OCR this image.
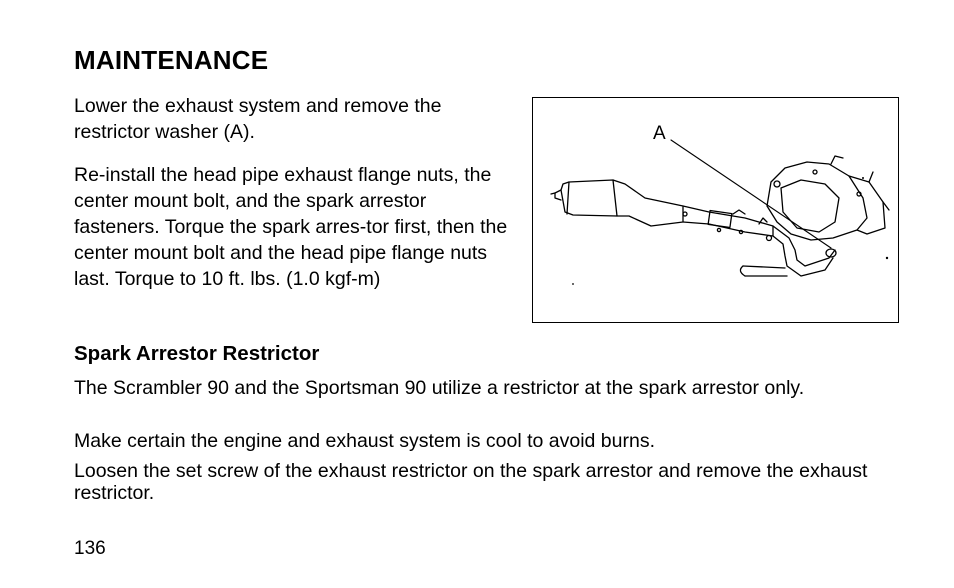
MAINTENANCE

Lower the exhaust system and remove the restrictor washer (A).

Re-install the head pipe exhaust flange nuts, the center mount bolt, and the spark arrestor fasteners. Torque the spark arres-tor first, then the center mount bolt and the head pipe flange nuts last. Torque to 10 ft. lbs. (1.0 kgf-m)

A
Spark Arrestor Restrictor

The Scrambler 90 and the Sportsman 90 utilize a restrictor at the spark arrestor only.

Make certain the engine and exhaust system is cool to avoid burns.

Loosen the set screw of the exhaust restrictor on the spark arrestor and remove the exhaust restrictor.

136
